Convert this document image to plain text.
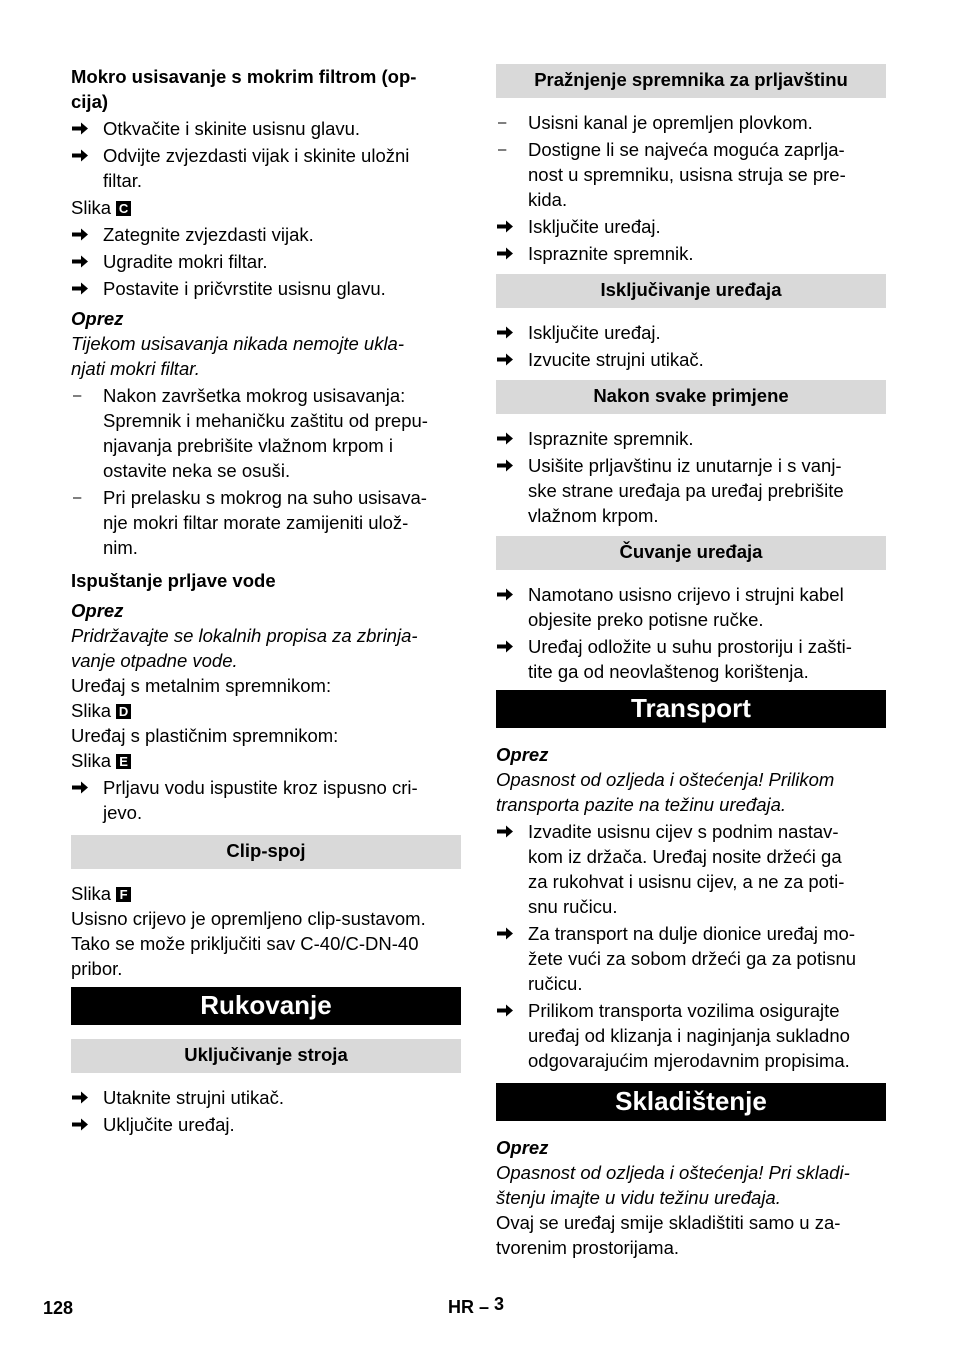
Mokro usisavanje s mokrim filtrom (op-
cija)
Otkvačite i skinite usisnu glavu.
Odvijte zvjezdasti vijak i skinite uložni
filtar.
Slika C
Zategnite zvjezdasti vijak.
Ugradite mokri filtar.
Postavite i pričvrstite usisnu glavu.
Oprez
Tijekom usisavanja nikada nemojte ukla-
njati mokri filtar.
–	Nakon završetka mokrog usisavanja:
Spremnik i mehaničku zaštitu od prepu-
njavanja prebrišite vlažnom krpom i
ostavite neka se osuši.
–	Pri prelasku s mokrog na suho usisava-
nje mokri filtar morate zamijeniti ulož-
nim.
Ispuštanje prljave vode
Oprez
Pridržavajte se lokalnih propisa za zbrinja-
vanje otpadne vode.
Uređaj s metalnim spremnikom:
Slika D
Uređaj s plastičnim spremnikom:
Slika E
Prljavu vodu ispustite kroz ispusno cri-
jevo.
Clip-spoj
Slika F
Usisno crijevo je opremljeno clip-sustavom.
Tako se može priključiti sav C-40/C-DN-40
pribor.
Rukovanje
Uključivanje stroja
Utaknite strujni utikač.
Uključite uređaj.
Pražnjenje spremnika za prljavštinu
–	Usisni kanal je opremljen plovkom.
–	Dostigne li se najveća moguća zaprlja-
nost u spremniku, usisna struja se pre-
kida.
Isključite uređaj.
Ispraznite spremnik.
Isključivanje uređaja
Isključite uređaj.
Izvucite strujni utikač.
Nakon svake primjene
Ispraznite spremnik.
Usišite prljavštinu iz unutarnje i s vanj-
ske strane uređaja pa uređaj prebrišite
vlažnom krpom.
Čuvanje uređaja
Namotano usisno crijevo i strujni kabel
objesite preko potisne ručke.
Uređaj odložite u suhu prostoriju i zašti-
tite ga od neovlaštenog korištenja.
Transport
Oprez
Opasnost od ozljeda i oštećenja! Prilikom
transporta pazite na težinu uređaja.
Izvadite usisnu cijev s podnim nastav-
kom iz držača. Uređaj nosite držeći ga
za rukohvat i usisnu cijev, a ne za poti-
snu ručicu.
Za transport na dulje dionice uređaj mo-
žete vući za sobom držeći ga za potisnu
ručicu.
Prilikom transporta vozilima osigurajte
uređaj od klizanja i naginjanja sukladno
odgovarajućim mjerodavnim propisima.
Skladištenje
Oprez
Opasnost od ozljeda i oštećenja! Pri skladi-
štenju imajte u vidu težinu uređaja.
Ovaj se uređaj smije skladištiti samo u za-
tvorenim prostorijama.
128	HR – 3
